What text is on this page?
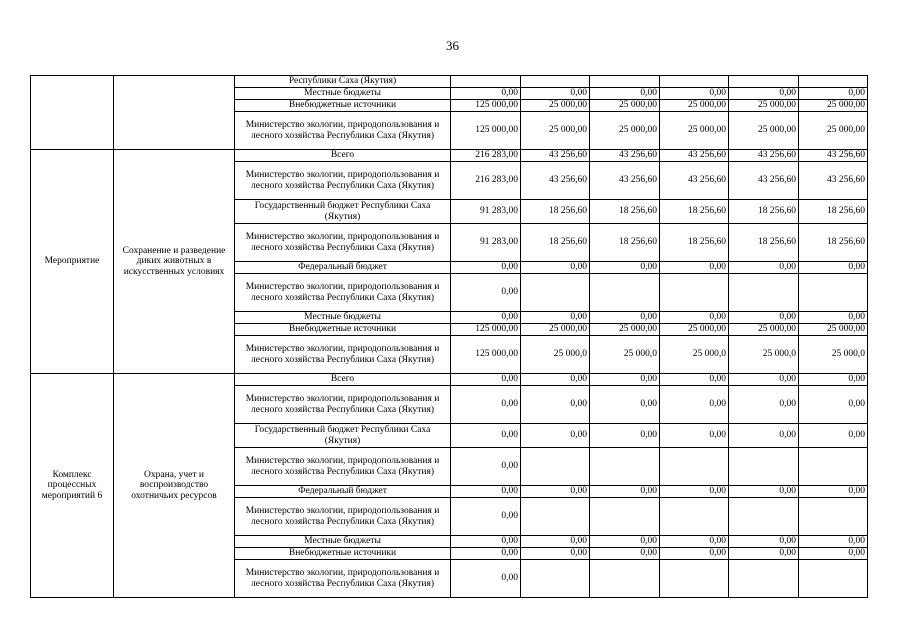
36
		Республики Саха (Якутия)						
		Местные бюджеты	0,00	0,00	0,00	0,00	0,00	0,00
		Внебюджетные источники	125 000,00	25 000,00	25 000,00	25 000,00	25 000,00	25 000,00
		Министерство экологии, природопользования и лесного хозяйства Республики Саха (Якутия)	125 000,00	25 000,00	25 000,00	25 000,00	25 000,00	25 000,00
Мероприятие	Сохранение и разведение диких животных в искусственных условиях	Всего	216 283,00	43 256,60	43 256,60	43 256,60	43 256,60	43 256,60
		Министерство экологии, природопользования и лесного хозяйства Республики Саха (Якутия)	216 283,00	43 256,60	43 256,60	43 256,60	43 256,60	43 256,60
		Государственный бюджет Республики Саха (Якутия)	91 283,00	18 256,60	18 256,60	18 256,60	18 256,60	18 256,60
		Министерство экологии, природопользования и лесного хозяйства Республики Саха (Якутия)	91 283,00	18 256,60	18 256,60	18 256,60	18 256,60	18 256,60
		Федеральный бюджет	0,00	0,00	0,00	0,00	0,00	0,00
		Министерство экологии, природопользования и лесного хозяйства Республики Саха (Якутия)	0,00					
		Местные бюджеты	0,00	0,00	0,00	0,00	0,00	0,00
		Внебюджетные источники	125 000,00	25 000,00	25 000,00	25 000,00	25 000,00	25 000,00
		Министерство экологии, природопользования и лесного хозяйства Республики Саха (Якутия)	125 000,00	25 000,0	25 000,0	25 000,0	25 000,0	25 000,0
Комплекс процессных мероприятий 6	Охрана, учет и воспроизводство охотничьих ресурсов	Всего	0,00	0,00	0,00	0,00	0,00	0,00
		Министерство экологии, природопользования и лесного хозяйства Республики Саха (Якутия)	0,00	0,00	0,00	0,00	0,00	0,00
		Государственный бюджет Республики Саха (Якутия)	0,00	0,00	0,00	0,00	0,00	0,00
		Министерство экологии, природопользования и лесного хозяйства Республики Саха (Якутия)	0,00					
		Федеральный бюджет	0,00	0,00	0,00	0,00	0,00	0,00
		Министерство экологии, природопользования и лесного хозяйства Республики Саха (Якутия)	0,00					
		Местные бюджеты	0,00	0,00	0,00	0,00	0,00	0,00
		Внебюджетные источники	0,00	0,00	0,00	0,00	0,00	0,00
		Министерство экологии, природопользования и лесного хозяйства Республики Саха (Якутия)	0,00					
